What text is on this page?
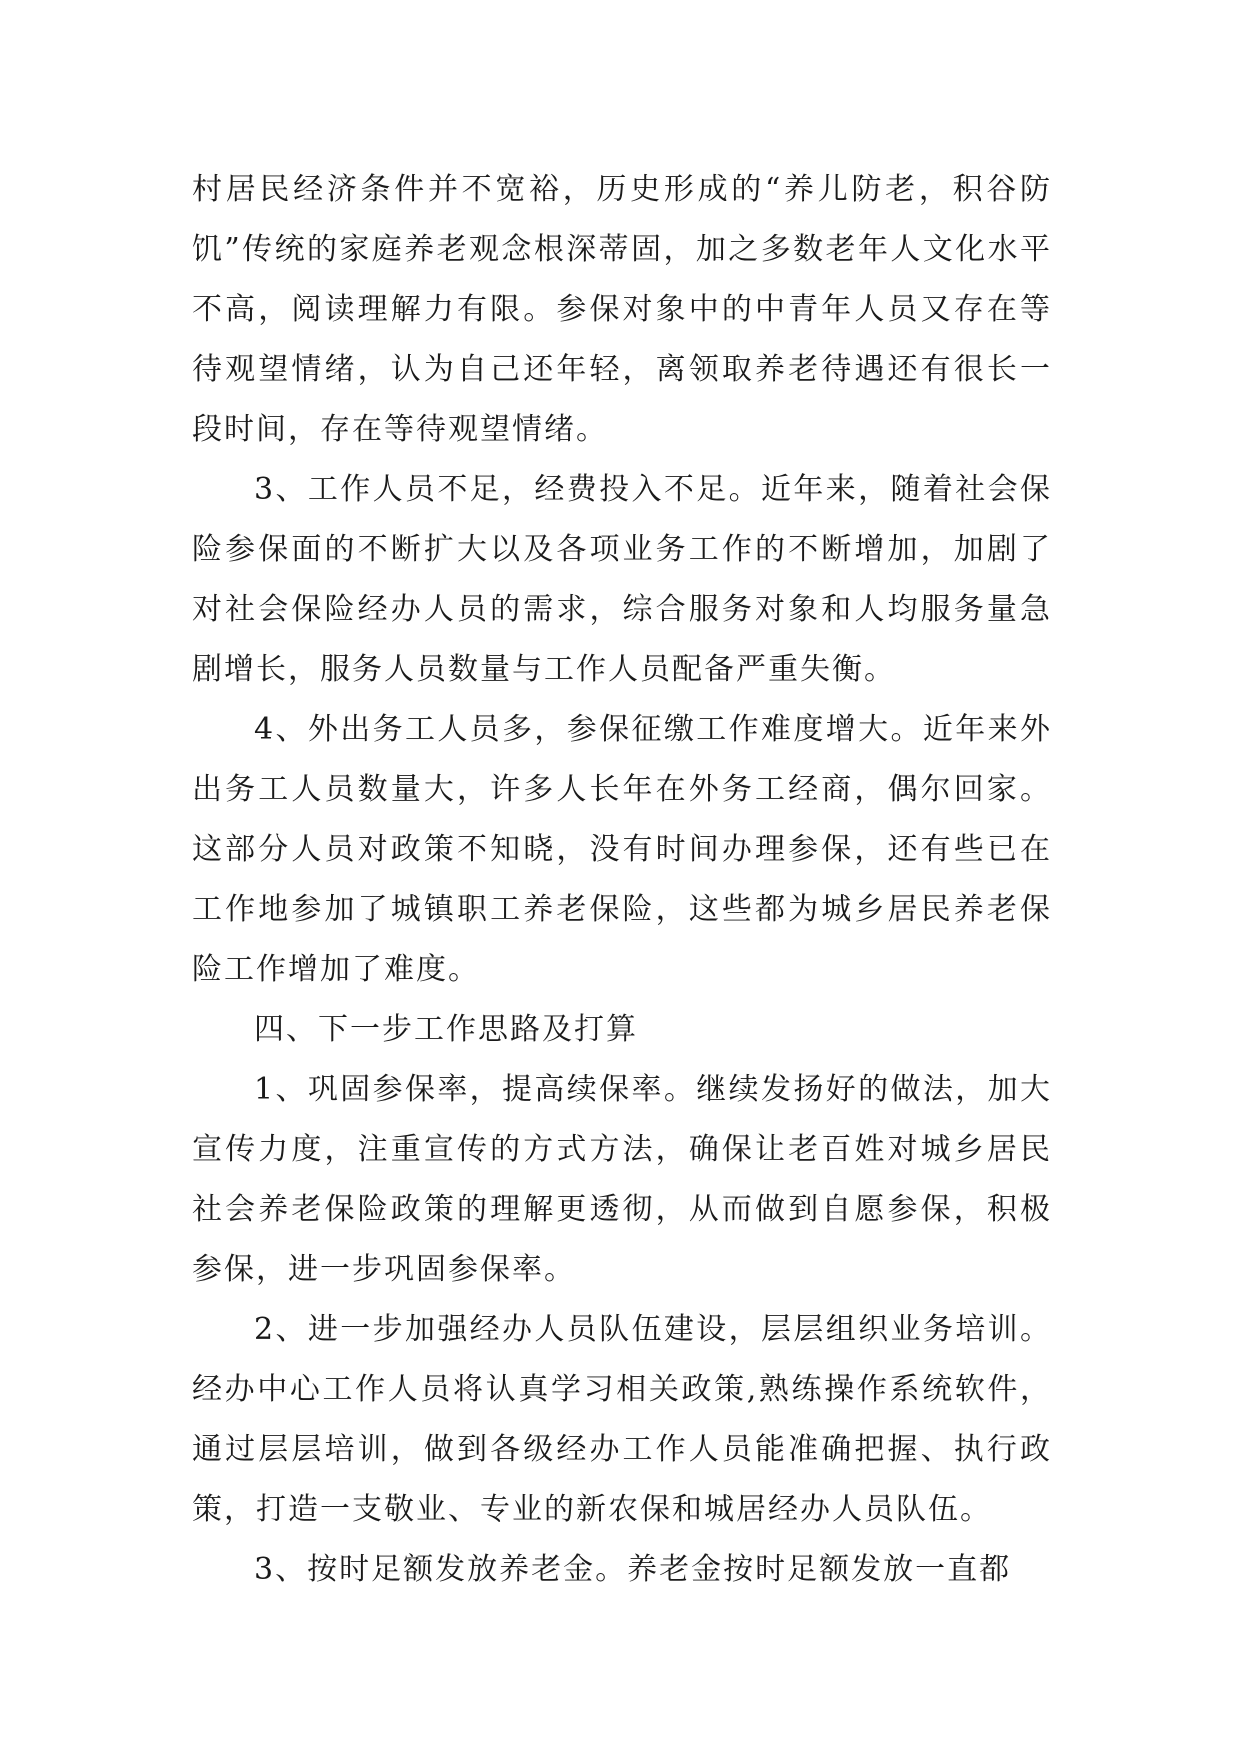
村居民经济条件并不宽裕，历史形成的“养儿防老，积谷防饥”传统的家庭养老观念根深蒂固，加之多数老年人文化水平不高，阅读理解力有限。参保对象中的中青年人员又存在等待观望情绪，认为自己还年轻，离领取养老待遇还有很长一段时间，存在等待观望情绪。

3、工作人员不足，经费投入不足。近年来，随着社会保险参保面的不断扩大以及各项业务工作的不断增加，加剧了对社会保险经办人员的需求，综合服务对象和人均服务量急剧增长，服务人员数量与工作人员配备严重失衡。

4、外出务工人员多，参保征缴工作难度增大。近年来外出务工人员数量大，许多人长年在外务工经商，偶尔回家。这部分人员对政策不知晓，没有时间办理参保，还有些已在工作地参加了城镇职工养老保险，这些都为城乡居民养老保险工作增加了难度。

四、下一步工作思路及打算

1、巩固参保率，提高续保率。继续发扬好的做法，加大宣传力度，注重宣传的方式方法，确保让老百姓对城乡居民社会养老保险政策的理解更透彻，从而做到自愿参保，积极参保，进一步巩固参保率。

2、进一步加强经办人员队伍建设，层层组织业务培训。经办中心工作人员将认真学习相关政策,熟练操作系统软件，通过层层培训，做到各级经办工作人员能准确把握、执行政策，打造一支敬业、专业的新农保和城居经办人员队伍。

3、按时足额发放养老金。养老金按时足额发放一直都
